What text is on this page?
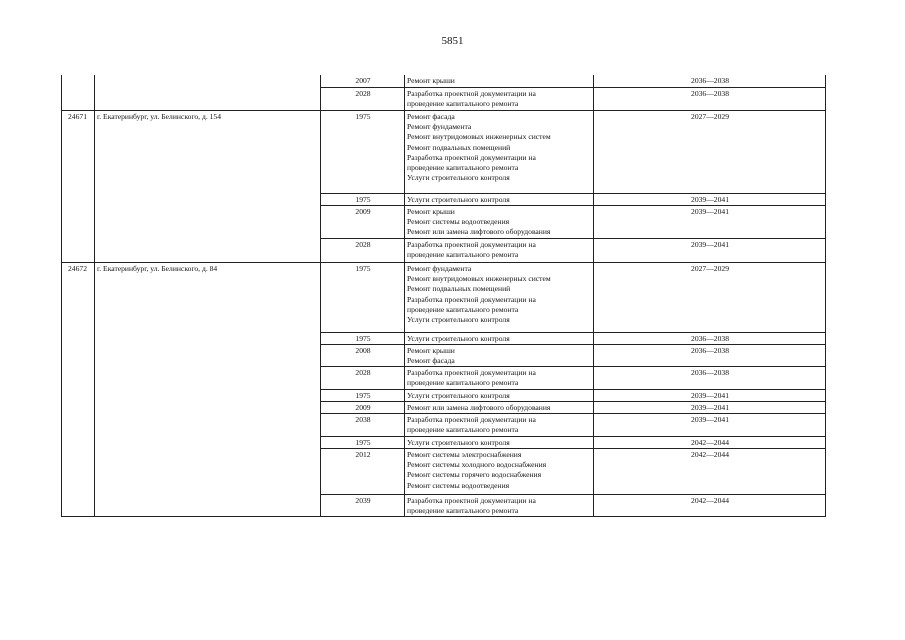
5851
2007	Ремонт крыши	2036—2038
2028	Разработка проектной документации на
проведение капитального ремонта
2036—2038
24671	г. Екатеринбург, ул. Белинского, д. 154	1975	Ремонт фасада
Ремонт фундамента
Ремонт внутридомовых инженерных систем
Ремонт подвальных помещений
Разработка проектной документации на
проведение капитального ремонта
Услуги строительного контроля
2027—2029
1975	Услуги строительного контроля	2039—2041
2009	Ремонт крыши
Ремонт системы водоотведения
Ремонт или замена лифтового оборудования
2039—2041
2028	Разработка проектной документации на
проведение капитального ремонта
2039—2041
24672	г. Екатеринбург, ул. Белинского, д. 84	1975	Ремонт фундамента
Ремонт внутридомовых инженерных систем
Ремонт подвальных помещений
Разработка проектной документации на
проведение капитального ремонта
Услуги строительного контроля
2027—2029
1975	Услуги строительного контроля	2036—2038
2008	Ремонт крыши
Ремонт фасада
2036—2038
2028	Разработка проектной документации на
проведение капитального ремонта
2036—2038
1975	Услуги строительного контроля	2039—2041
2009	Ремонт или замена лифтового оборудования	2039—2041
2038	Разработка проектной документации на
проведение капитального ремонта
2039—2041
1975	Услуги строительного контроля	2042—2044
2012	Ремонт системы электроснабжения
Ремонт системы холодного водоснабжения
Ремонт системы горячего водоснабжения
Ремонт системы водоотведения
2042—2044
2039	Разработка проектной документации на
проведение капитального ремонта
2042—2044
